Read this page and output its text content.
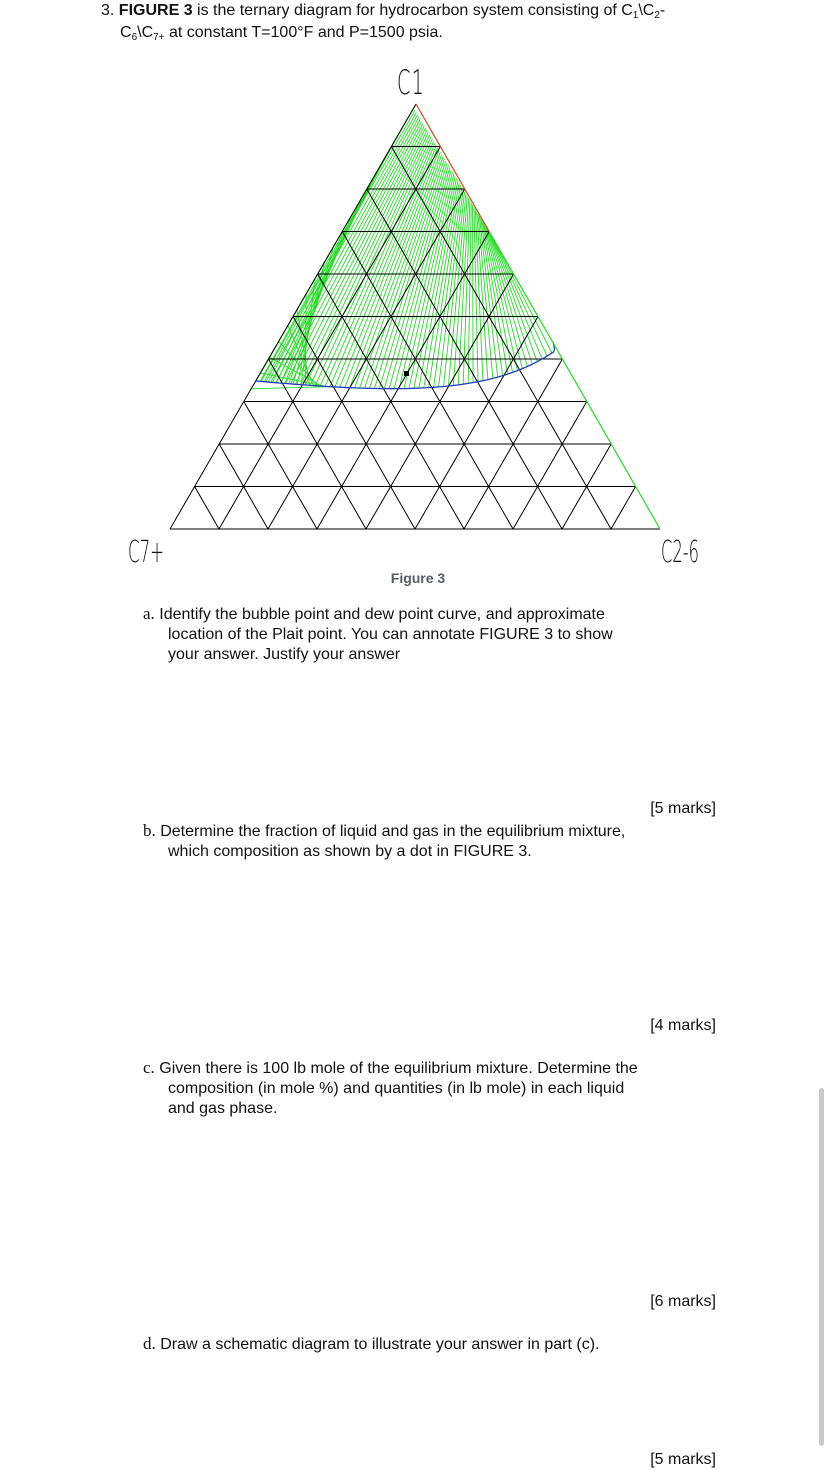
3. FIGURE 3 is the ternary diagram for hydrocarbon system consisting of $C_1\backslash C_2-$
$C_6\backslash C_{7+}$ at constant T=100°F and P=1500 psia.
C1
C7+	C2-6
Figure 3
a. Identify the bubble point and dew point curve, and approximate location of the Plait point. You can annotate FIGURE 3 to show your answer. Justify your answer
[5 marks]
b. Determine the fraction of liquid and gas in the equilibrium mixture, which composition as shown by a dot in FIGURE 3.
[4 marks]
c. Given there is 100 lb mole of the equilibrium mixture. Determine the composition (in mole %) and quantities (in lb mole) in each liquid and gas phase.
[6 marks]
d. Draw a schematic diagram to illustrate your answer in part (c).
[5 marks]
